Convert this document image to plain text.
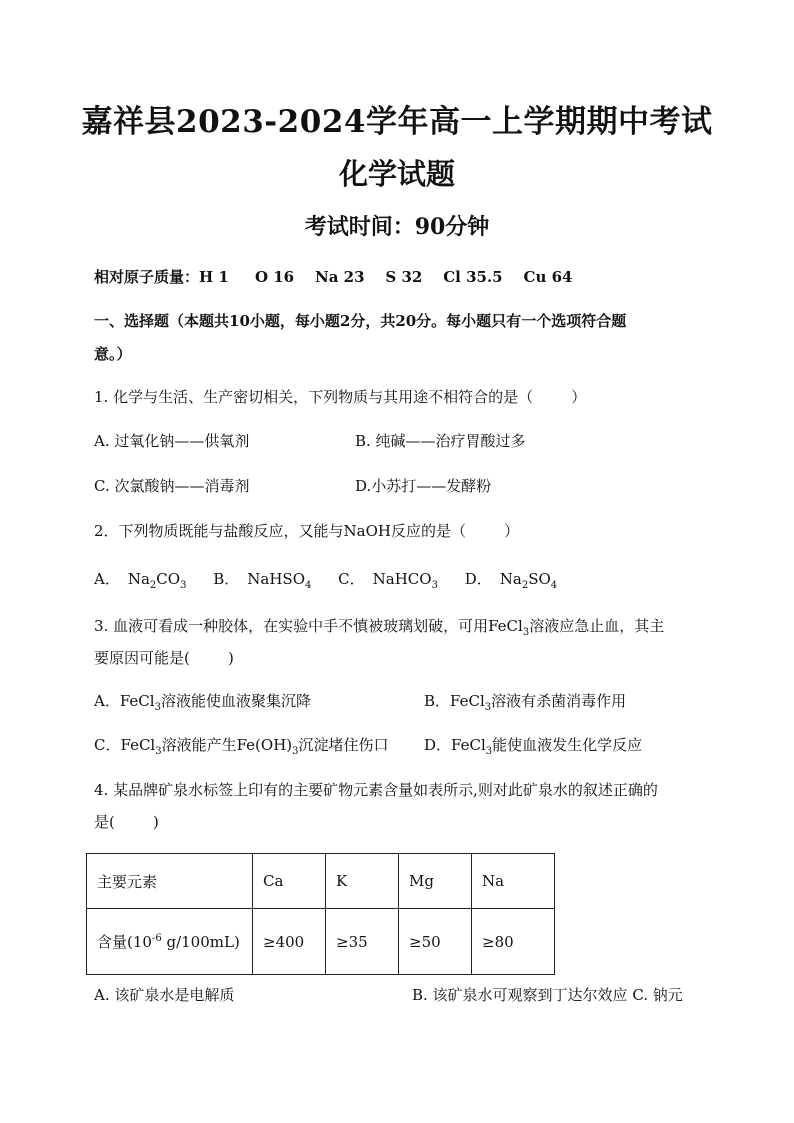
嘉祥县2023-2024学年高一上学期期中考试
化学试题
考试时间：90分钟
相对原子质量：H 1     O 16    Na 23    S 32    Cl 35.5    Cu 64
一、选择题（本题共10小题，每小题2分，共20分。每小题只有一个选项符合题
意。）
1. 化学与生活、生产密切相关，下列物质与其用途不相符合的是（        ）
A. 过氧化钠——供氧剂	B. 纯碱——治疗胃酸过多
C. 次氯酸钠——消毒剂	D.小苏打——发酵粉
2．下列物质既能与盐酸反应，又能与NaOH反应的是（        ）
A． $Na_2CO_3$ B． NaHSO$_4$ C． NaHCO$_3$ D． $Na_2SO_4$
3. 血液可看成一种胶体，在实验中手不慎被玻璃划破，可用FeCl$_3$溶液应急止血，其主
要原因可能是(        )
A．FeCl$_3$溶液能使血液聚集沉降	B．FeCl$_3$溶液有杀菌消毒作用
C．FeCl$_3$溶液能产生$Fe(OH)_3$沉淀堵住伤口 D．FeCl$_3$能使血液发生化学反应
4. 某品牌矿泉水标签上印有的主要矿物元素含量如表所示,则对此矿泉水的叙述正确的
是(        )
主要元素	Ca	K	Mg	Na
含量($10^{-6}$ g/100mL)	≥400	≥35	≥50	≥80
A. 该矿泉水是电解质	B. 该矿泉水可观察到丁达尔效应 C. 钠元
